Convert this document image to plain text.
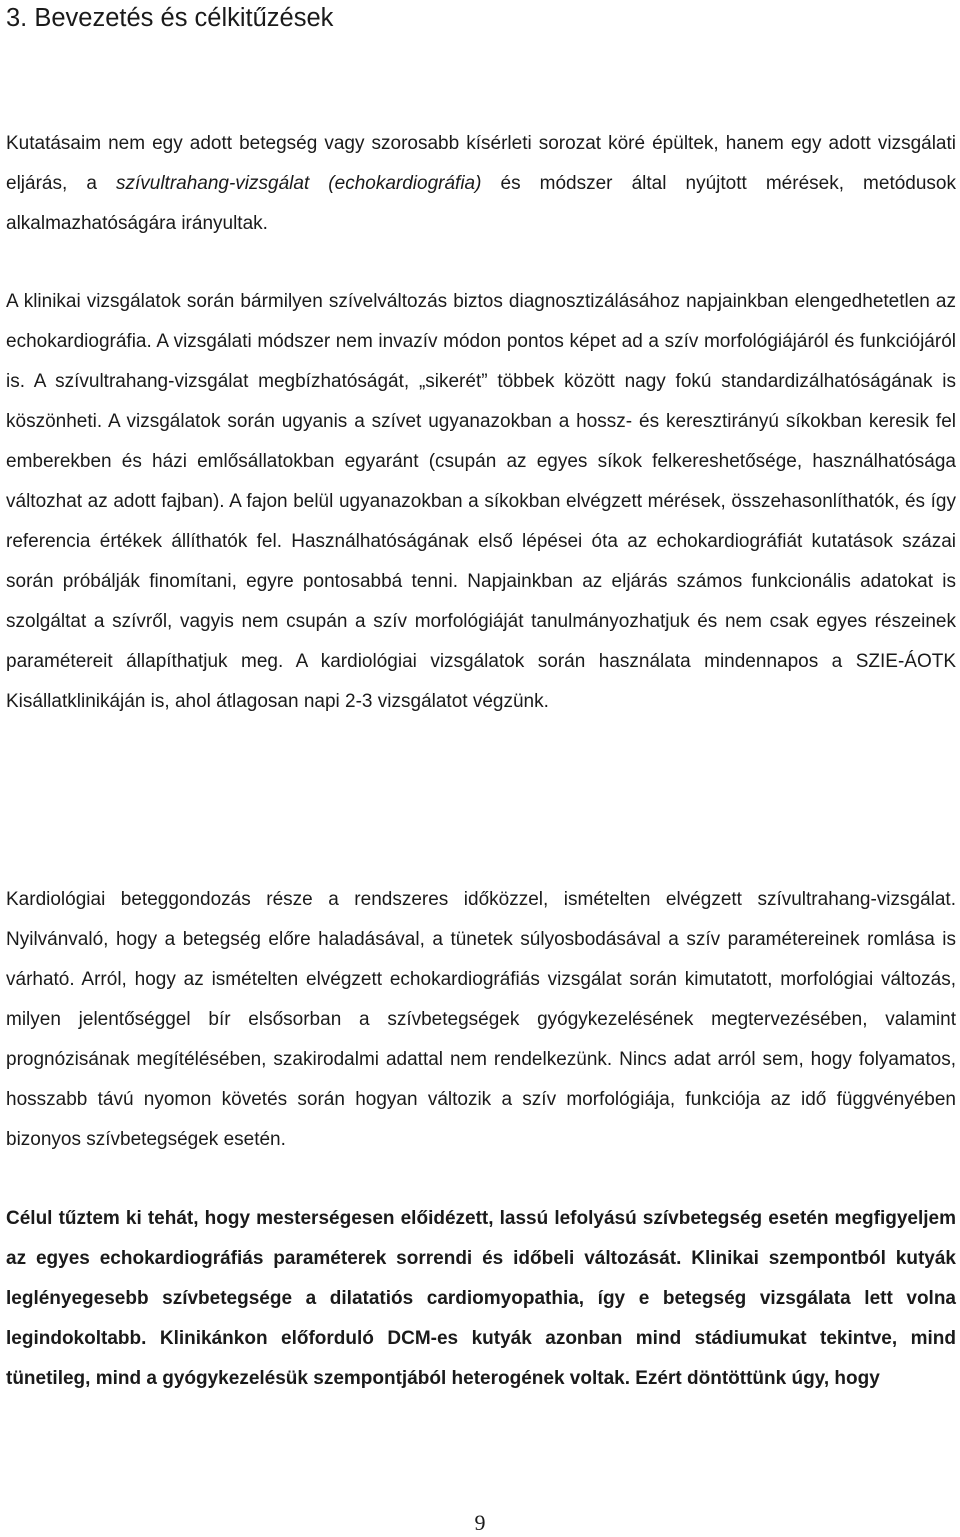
3. Bevezetés és célkitűzések

Kutatásaim nem egy adott betegség vagy szorosabb kísérleti sorozat köré épültek, hanem egy adott vizsgálati eljárás, a szívultrahang-vizsgálat (echokardiográfia) és módszer által nyújtott mérések, metódusok alkalmazhatóságára irányultak.

A klinikai vizsgálatok során bármilyen szívelváltozás biztos diagnosztizálásához napjainkban elengedhetetlen az echokardiográfia. A vizsgálati módszer nem invazív módon pontos képet ad a szív morfológiájáról és funkciójáról is. A szívultrahang-vizsgálat megbízhatóságát, „sikerét” többek között nagy fokú standardizálhatóságának is köszönheti. A vizsgálatok során ugyanis a szívet ugyanazokban a hossz- és keresztirányú síkokban keresik fel emberekben és házi emlősállatokban egyaránt (csupán az egyes síkok felkereshetősége, használhatósága változhat az adott fajban). A fajon belül ugyanazokban a síkokban elvégzett mérések, összehasonlíthatók, és így referencia értékek állíthatók fel. Használhatóságának első lépései óta az echokardiográfiát kutatások százai során próbálják finomítani, egyre pontosabbá tenni. Napjainkban az eljárás számos funkcionális adatokat is szolgáltat a szívről, vagyis nem csupán a szív morfológiáját tanulmányozhatjuk és nem csak egyes részeinek paramétereit állapíthatjuk meg. A kardiológiai vizsgálatok során használata mindennapos a SZIE-ÁOTK Kisállatklinikáján is, ahol átlagosan napi 2-3 vizsgálatot végzünk.

Kardiológiai beteggondozás része a rendszeres időközzel, ismételten elvégzett szívultrahang-vizsgálat. Nyilvánvaló, hogy a betegség előre haladásával, a tünetek súlyosbodásával a szív paramétereinek romlása is várható. Arról, hogy az ismételten elvégzett echokardiográfiás vizsgálat során kimutatott, morfológiai változás, milyen jelentőséggel bír elsősorban a szívbetegségek gyógykezelésének megtervezésében, valamint prognózisának megítélésében, szakirodalmi adattal nem rendelkezünk. Nincs adat arról sem, hogy folyamatos, hosszabb távú nyomon követés során hogyan változik a szív morfológiája, funkciója az idő függvényében bizonyos szívbetegségek esetén.

Célul tűztem ki tehát, hogy mesterségesen előidézett, lassú lefolyású szívbetegség esetén megfigyeljem az egyes echokardiográfiás paraméterek sorrendi és időbeli változását. Klinikai szempontból kutyák leglényegesebb szívbetegsége a dilatatiós cardiomyopathia, így e betegség vizsgálata lett volna legindokoltabb. Klinikánkon előforduló DCM-es kutyák azonban mind stádiumukat tekintve, mind tünetileg, mind a gyógykezelésük szempontjából heterogének voltak. Ezért döntöttünk úgy, hogy

9
